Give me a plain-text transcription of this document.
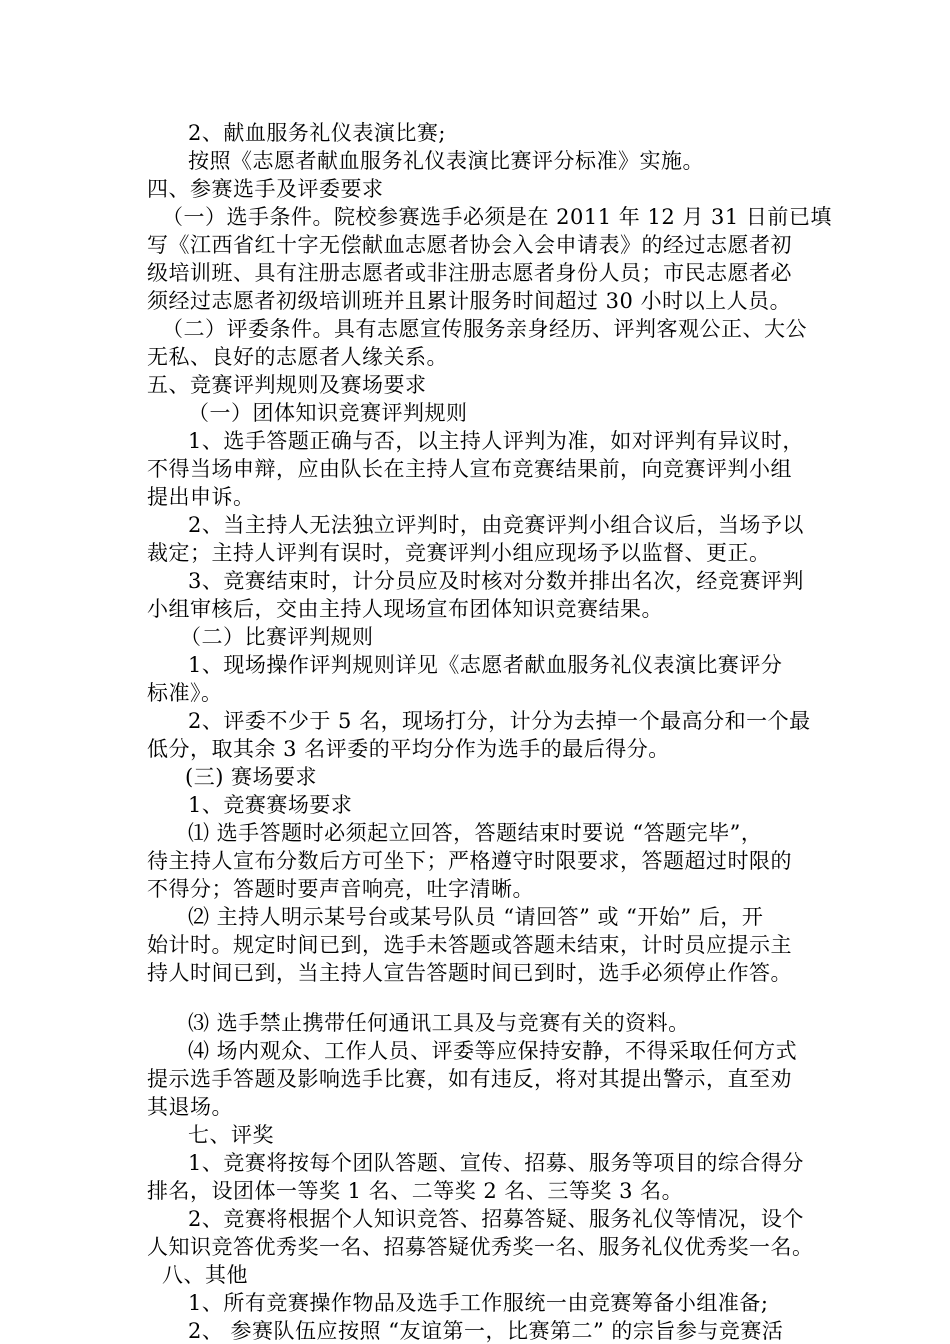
2、献血服务礼仪表演比赛;
按照《志愿者献血服务礼仪表演比赛评分标准》实施。
四、参赛选手及评委要求
（一）选手条件。院校参赛选手必须是在 2011 年 12 月 31 日前已填
写《江西省红十字无偿献血志愿者协会入会申请表》的经过志愿者初
级培训班、具有注册志愿者或非注册志愿者身份人员；市民志愿者必
须经过志愿者初级培训班并且累计服务时间超过 30 小时以上人员。
（二）评委条件。具有志愿宣传服务亲身经历、评判客观公正、大公
无私、良好的志愿者人缘关系。
五、竞赛评判规则及赛场要求
（一）团体知识竞赛评判规则
1、选手答题正确与否，以主持人评判为准，如对评判有异议时，
不得当场申辩，应由队长在主持人宣布竞赛结果前，向竞赛评判小组
提出申诉。
2、当主持人无法独立评判时，由竞赛评判小组合议后，当场予以
裁定；主持人评判有误时，竞赛评判小组应现场予以监督、更正。
3、竞赛结束时，计分员应及时核对分数并排出名次，经竞赛评判
小组审核后，交由主持人现场宣布团体知识竞赛结果。
（二）比赛评判规则
1、现场操作评判规则详见《志愿者献血服务礼仪表演比赛评分
标准》。
2、评委不少于 5 名，现场打分，计分为去掉一个最高分和一个最
低分，取其余 3 名评委的平均分作为选手的最后得分。
(三) 赛场要求
1、竞赛赛场要求
⑴ 选手答题时必须起立回答，答题结束时要说 “答题完毕”，
待主持人宣布分数后方可坐下；严格遵守时限要求，答题超过时限的
不得分；答题时要声音响亮，吐字清晰。
⑵ 主持人明示某号台或某号队员 “请回答” 或 “开始” 后，开
始计时。规定时间已到，选手未答题或答题未结束，计时员应提示主
持人时间已到，当主持人宣告答题时间已到时，选手必须停止作答。
⑶ 选手禁止携带任何通讯工具及与竞赛有关的资料。
⑷ 场内观众、工作人员、评委等应保持安静，不得采取任何方式
提示选手答题及影响选手比赛，如有违反，将对其提出警示，直至劝
其退场。
七、评奖
1、竞赛将按每个团队答题、宣传、招募、服务等项目的综合得分
排名，设团体一等奖 1 名、二等奖 2 名、三等奖 3 名。
2、竞赛将根据个人知识竞答、招募答疑、服务礼仪等情况，设个
人知识竞答优秀奖一名、招募答疑优秀奖一名、服务礼仪优秀奖一名。
八、其他
1、所有竞赛操作物品及选手工作服统一由竞赛筹备小组准备;
2、 参赛队伍应按照 “友谊第一，比赛第二” 的宗旨参与竞赛活
